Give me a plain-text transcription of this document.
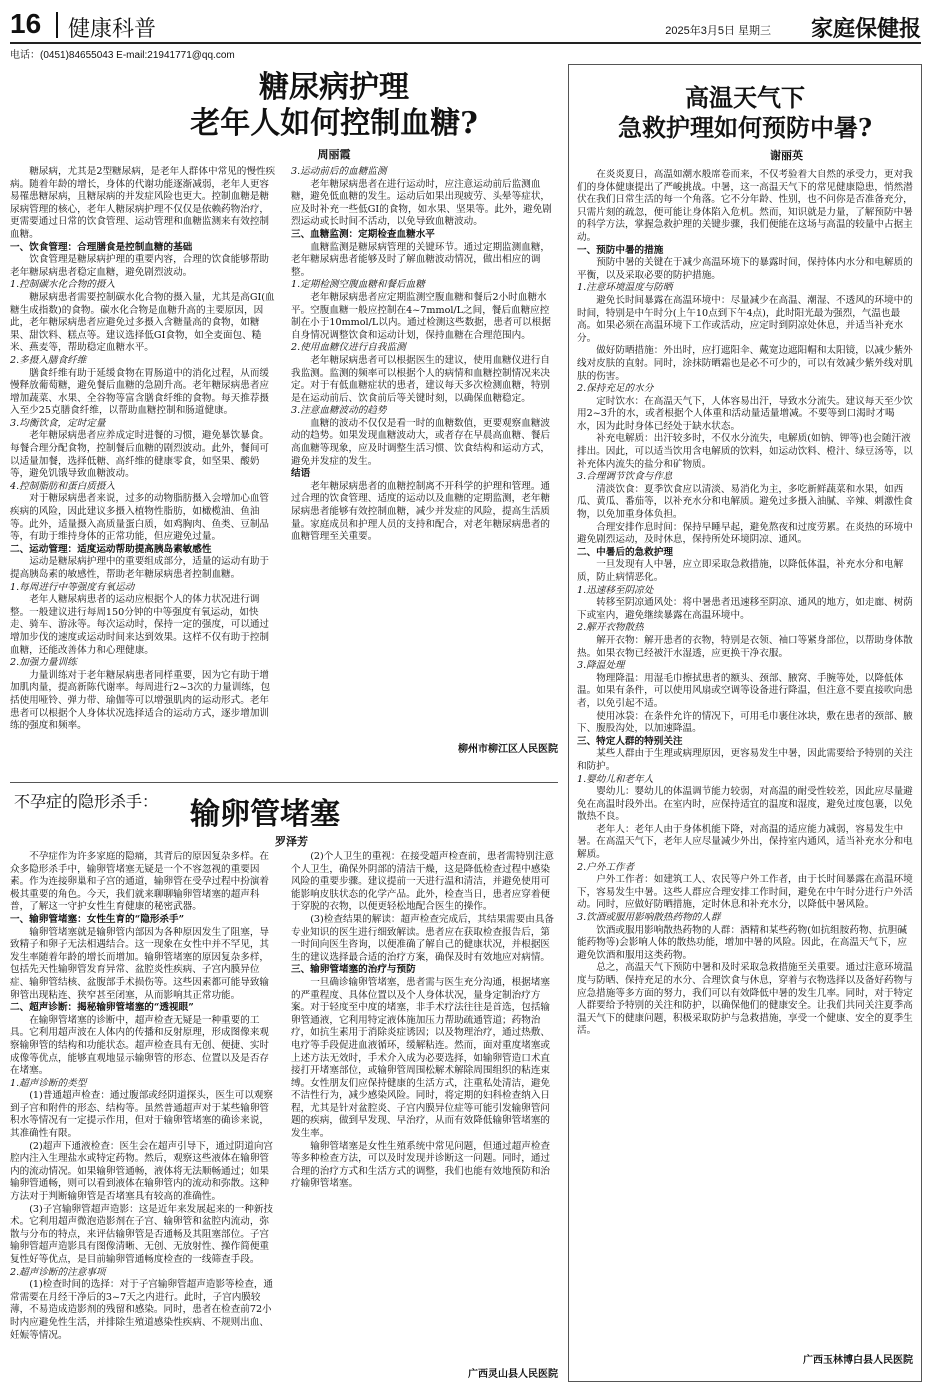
16 健康科普	2025年3月5日 星期三 家庭保健报
电话：(0451)84655043 E-mail:21941771@qq.com
糖尿病护理
老年人如何控制血糖?
周丽霞

糖尿病，尤其是2型糖尿病，是老年人群体中常见的慢性疾病。随着年龄的增长，身体的代谢功能逐渐减弱，老年人更容易罹患糖尿病，且糖尿病的并发症风险也更大。控制血糖是糖尿病管理的核心，老年人糖尿病护理不仅仅是依赖药物治疗，更需要通过日常的饮食管理、运动管理和血糖监测来有效控制血糖。

一、饮食管理：合理膳食是控制血糖的基础

饮食管理是糖尿病护理的重要内容，合理的饮食能够帮助老年糖尿病患者稳定血糖，避免剧烈波动。

1.控制碳水化合物的摄入

糖尿病患者需要控制碳水化合物的摄入量，尤其是高GI(血糖生成指数)的食物。碳水化合物是血糖升高的主要原因，因此，老年糖尿病患者应避免过多摄入含糖量高的食物，如糖果、甜饮料、糕点等。建议选择低GI食物，如全麦面包、糙米、燕麦等，帮助稳定血糖水平。

2.多摄入膳食纤维

膳食纤维有助于延缓食物在胃肠道中的消化过程，从而缓慢释放葡萄糖，避免餐后血糖的急剧升高。老年糖尿病患者应增加蔬菜、水果、全谷物等富含膳食纤维的食物。每天推荐摄入至少25克膳食纤维，以帮助血糖控制和肠道健康。

3.均衡饮食，定时定量

老年糖尿病患者应养成定时进餐的习惯，避免暴饮暴食。每餐合理分配食物，控制餐后血糖的剧烈波动。此外，餐间可以适量加餐，选择低糖、高纤维的健康零食，如坚果、酸奶等，避免饥饿导致血糖波动。

4.控制脂肪和蛋白质摄入

对于糖尿病患者来说，过多的动物脂肪摄入会增加心血管疾病的风险，因此建议多摄入植物性脂肪，如橄榄油、鱼油等。此外，适量摄入高质量蛋白质，如鸡胸肉、鱼类、豆制品等，有助于维持身体的正常功能，但应避免过量。

二、运动管理：适度运动帮助提高胰岛素敏感性

运动是糖尿病护理中的重要组成部分，适量的运动有助于提高胰岛素的敏感性，帮助老年糖尿病患者控制血糖。

1.每周进行中等强度有氧运动

老年人糖尿病患者的运动应根据个人的体力状况进行调整。一般建议进行每周150分钟的中等强度有氧运动，如快走、骑车、游泳等。每次运动时，保持一定的强度，可以通过增加步伐的速度或运动时间来达到效果。这样不仅有助于控制血糖，还能改善体力和心理健康。

2.加强力量训练

力量训练对于老年糖尿病患者同样重要，因为它有助于增加肌肉量，提高新陈代谢率。每周进行2~3次的力量训练，包括使用哑铃、弹力带、瑜伽等可以增强肌肉的运动形式。老年患者可以根据个人身体状况选择适合的运动方式，逐步增加训练的强度和频率。

3.运动前后的血糖监测

老年糖尿病患者在进行运动时，应注意运动前后监测血糖，避免低血糖的发生。运动后如果出现疲劳、头晕等症状，应及时补充一些低GI的食物，如水果、坚果等。此外，避免剧烈运动或长时间不活动，以免导致血糖波动。

三、血糖监测：定期检查血糖水平

血糖监测是糖尿病管理的关键环节。通过定期监测血糖，老年糖尿病患者能够及时了解血糖波动情况，做出相应的调整。

1.定期检测空腹血糖和餐后血糖

老年糖尿病患者应定期监测空腹血糖和餐后2小时血糖水平。空腹血糖一般应控制在4~7mmol/L之间，餐后血糖应控制在小于10mmol/L以内。通过检测这些数据，患者可以根据自身情况调整饮食和运动计划，保持血糖在合理范围内。

2.使用血糖仪进行自我监测

老年糖尿病患者可以根据医生的建议，使用血糖仪进行自我监测。监测的频率可以根据个人的病情和血糖控制情况来决定。对于有低血糖症状的患者，建议每天多次检测血糖，特别是在运动前后、饮食前后等关键时刻，以确保血糖稳定。

3.注意血糖波动的趋势

血糖的波动不仅仅是看一时的血糖数值，更要观察血糖波动的趋势。如果发现血糖波动大，或者存在早晨高血糖、餐后高血糖等现象，应及时调整生活习惯、饮食结构和运动方式，避免并发症的发生。

结语

老年糖尿病患者的血糖控制离不开科学的护理和管理。通过合理的饮食管理、适度的运动以及血糖的定期监测，老年糖尿病患者能够有效控制血糖，减少并发症的风险，提高生活质量。家庭成员和护理人员的支持和配合，对老年糖尿病患者的血糖管理至关重要。

柳州市柳江区人民医院
不孕症的隐形杀手： 输卵管堵塞
罗泽芳

不孕症作为许多家庭的隐痛，其背后的原因复杂多样。在众多隐形杀手中，输卵管堵塞无疑是一个不容忽视的重要因素。作为连接卵巢和子宫的通道，输卵管在受孕过程中扮演着极其重要的角色。今天，我们就来聊聊输卵管堵塞的超声科普，了解这一守护女性生育健康的秘密武器。

一、输卵管堵塞：女性生育的“隐形杀手”

输卵管堵塞就是输卵管内部因为各种原因发生了阻塞，导致精子和卵子无法相遇结合。这一现象在女性中并不罕见，其发生率随着年龄的增长而增加。输卵管堵塞的原因复杂多样，包括先天性输卵管发育异常、盆腔炎性疾病、子宫内膜异位症、输卵管结核、盆腹部手术损伤等。这些因素都可能导致输卵管出现粘连、狭窄甚至闭塞，从而影响其正常功能。

二、超声诊断：揭秘输卵管堵塞的“透视眼”

在输卵管堵塞的诊断中，超声检查无疑是一种重要的工具。它利用超声波在人体内的传播和反射原理，形成图像来观察输卵管的结构和功能状态。超声检查具有无创、便捷、实时成像等优点，能够直观地显示输卵管的形态、位置以及是否存在堵塞。

1.超声诊断的类型

(1)普通超声检查：通过腹部或经阴道探头，医生可以观察到子宫和附件的形态、结构等。虽然普通超声对于某些输卵管积水等情况有一定提示作用，但对于输卵管堵塞的确诊来说，其准确性有限。

(2)超声下通液检查：医生会在超声引导下，通过阴道向宫腔内注入生理盐水或特定药物。然后，观察这些液体在输卵管内的流动情况。如果输卵管通畅，液体将无法顺畅通过；如果输卵管通畅，则可以看到液体在输卵管内的流动和弥散。这种方法对于判断输卵管是否堵塞具有较高的准确性。

(3)子宫输卵管超声造影：这是近年来发展起来的一种新技术。它利用超声微泡造影剂在子宫、输卵管和盆腔内流动，弥散与分布的特点，来评估输卵管是否通畅及其阻塞部位。子宫输卵管超声造影具有图像清晰、无创、无放射性、操作简便重复性好等优点，是目前输卵管通畅度检查的一线筛查手段。

2.超声诊断的注意事项

(1)检查时间的选择：对于子宫输卵管超声造影等检查，通常需要在月经干净后的3~7天之内进行。此时，子宫内膜较薄，不易造成造影剂的残留和感染。同时，患者在检查前72小时内应避免性生活，并排除生殖道感染性疾病、不规则出血、妊娠等情况。

(2)个人卫生的重视：在接受超声检查前，患者需特别注意个人卫生，确保外阴部的清洁干燥，这是降低检查过程中感染风险的重要步骤。建议提前一天进行温和清洁，并避免使用可能影响皮肤状态的化学产品。此外，检查当日，患者应穿着便于穿脱的衣物，以便更轻松地配合医生的操作。

(3)检查结果的解读：超声检查完成后，其结果需要由具备专业知识的医生进行细致解读。患者应在获取检查报告后，第一时间向医生咨询，以便准确了解自己的健康状况，并根据医生的建议选择最合适的治疗方案，确保及时有效地应对病情。

三、输卵管堵塞的治疗与预防

一旦确诊输卵管堵塞，患者需与医生充分沟通，根据堵塞的严重程度、具体位置以及个人身体状况，量身定制治疗方案。对于轻度至中度的堵塞，非手术疗法往往是首选，包括输卵管通液，它利用特定液体施加压力帮助疏通管道；药物治疗，如抗生素用于消除炎症诱因；以及物理治疗，通过热敷、电疗等手段促进血液循环，缓解粘连。然而，面对重度堵塞或上述方法无效时，手术介入成为必要选择，如输卵管造口术直接打开堵塞部位，或输卵管周围松解术解除周围组织的粘连束缚。女性朋友们应保持健康的生活方式，注重私处清洁，避免不洁性行为，减少感染风险。同时，将定期的妇科检查纳入日程，尤其是针对盆腔炎、子宫内膜异位症等可能引发输卵管问题的疾病，做到早发现、早治疗，从而有效降低输卵管堵塞的发生率。

输卵管堵塞是女性生殖系统中常见问题，但通过超声检查等多种检查方法，可以及时发现并诊断这一问题。同时，通过合理的治疗方式和生活方式的调整，我们也能有效地预防和治疗输卵管堵塞。

广西灵山县人民医院
高温天气下
急救护理如何预防中暑?
谢丽英

在炎炎夏日，高温如潮水般席卷而来，不仅考验着大自然的承受力，更对我们的身体健康提出了严峻挑战。中暑，这一高温天气下的常见健康隐患，悄然潜伏在我们日常生活的每一个角落。它不分年龄、性别，也不问你是否准备充分，只需片刻的疏忽，便可能让身体陷入危机。然而，知识就是力量，了解预防中暑的科学方法，掌握急救护理的关键步骤，我们便能在这场与高温的较量中占据主动。

一、预防中暑的措施

预防中暑的关键在于减少高温环境下的暴露时间，保持体内水分和电解质的平衡，以及采取必要的防护措施。

1.注意环境温度与防晒

避免长时间暴露在高温环境中：尽量减少在高温、潮湿、不透风的环境中的时间，特别是中午时分(上午10点到下午4点)，此时阳光最为强烈，气温也最高。如果必须在高温环境下工作或活动，应定时到阴凉处休息，并适当补充水分。

做好防晒措施：外出时，应打遮阳伞、戴宽边遮阳帽和太阳镜，以减少紫外线对皮肤的直射。同时，涂抹防晒霜也是必不可少的，可以有效减少紫外线对肌肤的伤害。

2.保持充足的水分

定时饮水：在高温天气下，人体容易出汗，导致水分流失。建议每天至少饮用2~3升的水，或者根据个人体重和活动量适量增减。不要等到口渴时才喝水，因为此时身体已经处于缺水状态。

补充电解质：出汗较多时，不仅水分流失，电解质(如钠、钾等)也会随汗液排出。因此，可以适当饮用含电解质的饮料，如运动饮料、橙汁、绿豆汤等，以补充体内流失的盐分和矿物质。

3.合理调节饮食与作息

清淡饮食：夏季饮食应以清淡、易消化为主，多吃新鲜蔬菜和水果，如西瓜、黄瓜、番茄等，以补充水分和电解质。避免过多摄入油腻、辛辣、刺激性食物，以免加重身体负担。

合理安排作息时间：保持早睡早起，避免熬夜和过度劳累。在炎热的环境中避免剧烈运动，及时休息，保持所处环境阴凉、通风。

二、中暑后的急救护理

一旦发现有人中暑，应立即采取急救措施，以降低体温，补充水分和电解质，防止病情恶化。

1.迅速移至阴凉处

转移至阴凉通风处：将中暑患者迅速移至阴凉、通风的地方，如走廊、树荫下或室内，避免继续暴露在高温环境中。

2.解开衣物散热

解开衣物：解开患者的衣物，特别是衣领、袖口等紧身部位，以帮助身体散热。如果衣物已经被汗水湿透，应更换干净衣服。

3.降温处理

物理降温：用湿毛巾擦拭患者的额头、颈部、腋窝、手腕等处，以降低体温。如果有条件，可以使用风扇或空调等设备进行降温，但注意不要直接吹向患者，以免引起不适。

使用冰袋：在条件允许的情况下，可用毛巾裹住冰块，敷在患者的颈部、腋下、腹股沟处，以加速降温。

三、特定人群的特别关注

某些人群由于生理或病理原因，更容易发生中暑，因此需要给予特别的关注和防护。

1.婴幼儿和老年人

婴幼儿：婴幼儿的体温调节能力较弱，对高温的耐受性较差，因此应尽量避免在高温时段外出。在室内时，应保持适宜的温度和湿度，避免过度包裹，以免散热不良。

老年人：老年人由于身体机能下降，对高温的适应能力减弱，容易发生中暑。在高温天气下，老年人应尽量减少外出，保持室内通风，适当补充水分和电解质。

2.户外工作者

户外工作者：如建筑工人、农民等户外工作者，由于长时间暴露在高温环境下，容易发生中暑。这些人群应合理安排工作时间，避免在中午时分进行户外活动。同时，应做好防晒措施，定时休息和补充水分，以降低中暑风险。

3.饮酒或服用影响散热药物的人群

饮酒或服用影响散热药物的人群：酒精和某些药物(如抗组胺药物、抗胆碱能药物等)会影响人体的散热功能，增加中暑的风险。因此，在高温天气下，应避免饮酒和服用这类药物。

总之，高温天气下预防中暑和及时采取急救措施至关重要。通过注意环境温度与防晒、保持充足的水分、合理饮食与休息，穿着与衣物选择以及备好药物与应急措施等多方面的努力，我们可以有效降低中暑的发生几率。同时，对于特定人群要给予特别的关注和防护，以确保他们的健康安全。让我们共同关注夏季高温天气下的健康问题，积极采取防护与急救措施，享受一个健康、安全的夏季生活。

广西玉林博白县人民医院
